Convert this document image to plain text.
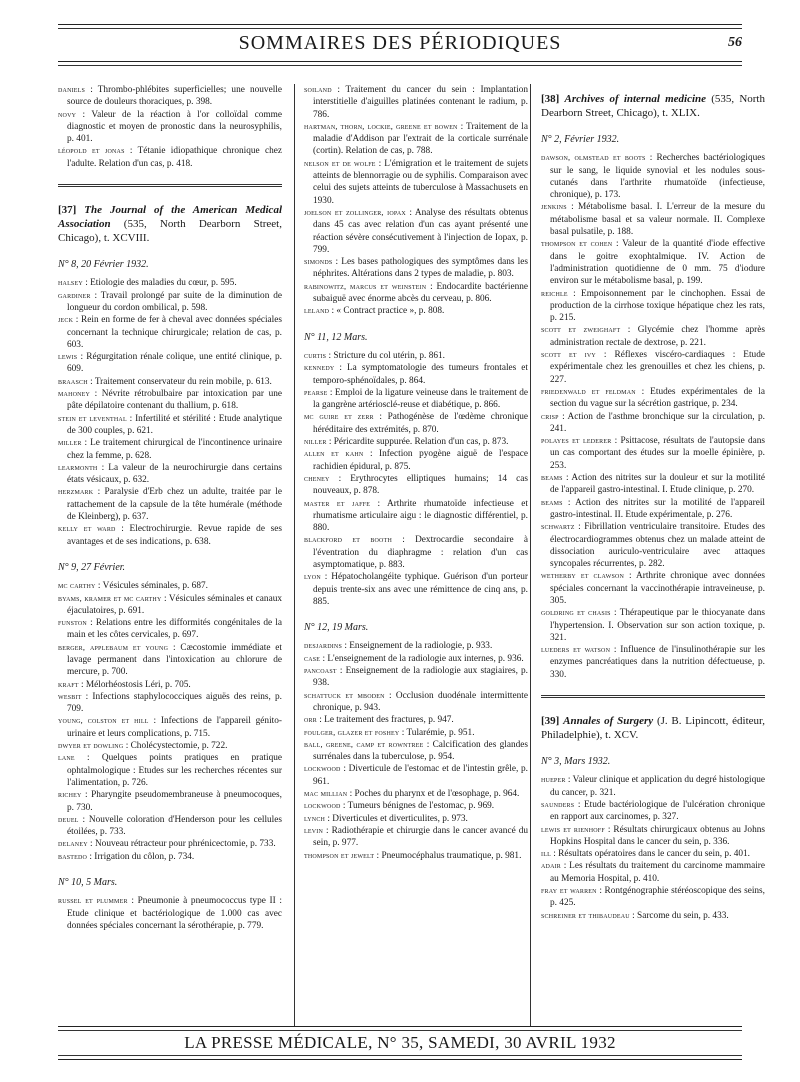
SOMMAIRES DES PÉRIODIQUES	56

daniels : Thrombo-phlébites superficielles; une nouvelle source de douleurs thoraciques, p. 398.

novy : Valeur de la réaction à l'or colloïdal comme diagnostic et moyen de pronostic dans la neurosyphilis, p. 401.

léopold et jonas : Tétanie idiopathique chronique chez l'adulte. Relation d'un cas, p. 418.

[37] The Journal of the American Medical Association (535, North Dearborn Street, Chicago), t. XCVIII.

N° 8, 20 Février 1932.

halsey : Etiologie des maladies du cœur, p. 595.

gardiner : Travail prolongé par suite de la diminution de longueur du cordon ombilical, p. 598.

jeck : Rein en forme de fer à cheval avec données spéciales concernant la technique chirurgicale; relation de cas, p. 603.

lewis : Régurgitation rénale colique, une entité clinique, p. 609.

braasch : Traitement conservateur du rein mobile, p. 613.

mahoney : Névrite rétrobulbaire par intoxication par une pâte dépilatoire contenant du thallium, p. 618.

stein et leventhal : Infertilité et stérilité : Etude analytique de 300 couples, p. 621.

miller : Le traitement chirurgical de l'incontinence urinaire chez la femme, p. 628.

learmonth : La valeur de la neurochirurgie dans certains états vésicaux, p. 632.

herzmark : Paralysie d'Erb chez un adulte, traitée par le rattachement de la capsule de la tête humérale (méthode de Kleinberg), p. 637.

kelly et ward : Electrochirurgie. Revue rapide de ses avantages et de ses indications, p. 638.

N° 9, 27 Février.

mc carthy : Vésicules séminales, p. 687.

byams, kramer et mc carthy : Vésicules séminales et canaux éjaculatoires, p. 691.

funston : Relations entre les difformités congénitales de la main et les côtes cervicales, p. 697.

berger, applebaum et young : Cæcostomie immédiate et lavage permanent dans l'intoxication au chlorure de mercure, p. 700.

kraft : Mélorhéostosis Léri, p. 705.

wesbit : Infections staphylococciques aiguës des reins, p. 709.

young, colston et hill : Infections de l'appareil génito-urinaire et leurs complications, p. 715.

dwyer et dowling : Cholécystectomie, p. 722.

lane : Quelques points pratiques en pratique ophtalmologique : Etudes sur les recherches récentes sur l'alimentation, p. 726.

richey : Pharyngite pseudomembraneuse à pneumocoques, p. 730.

deuel : Nouvelle coloration d'Henderson pour les cellules étoilées, p. 733.

delaney : Nouveau rétracteur pour phrénicectomie, p. 733.

bastedo : Irrigation du côlon, p. 734.

N° 10, 5 Mars.

russel et plummer : Pneumonie à pneumococcus type II : Etude clinique et bactériologique de 1.000 cas avec données spéciales concernant la sérothérapie, p. 779.

soiland : Traitement du cancer du sein : Implantation interstitielle d'aiguilles platinées contenant le radium, p. 786.

hartman, thorn, lockie, greene et bowen : Traitement de la maladie d'Addison par l'extrait de la corticale surrénale (cortin). Relation de cas, p. 788.

nelson et de wolfe : L'émigration et le traitement de sujets atteints de blennorragie ou de syphilis. Comparaison avec celui des sujets atteints de tuberculose à Massachusets en 1930.

joelson et zollinger, iopax : Analyse des résultats obtenus dans 45 cas avec relation d'un cas ayant présenté une réaction sévère consécutivement à l'injection de Iopax, p. 799.

simonds : Les bases pathologiques des symptômes dans les néphrites. Altérations dans 2 types de maladie, p. 803.

rabinowitz, marcus et weinstein : Endocardite bactérienne subaiguë avec énorme abcès du cerveau, p. 806.

leland : « Contract practice », p. 808.

N° 11, 12 Mars.

curtis : Stricture du col utérin, p. 861.

kennedy : La symptomatologie des tumeurs frontales et temporo-sphénoïdales, p. 864.

pearse : Emploi de la ligature veineuse dans le traitement de la gangrène artériosclé-reuse et diabétique, p. 866.

mc guire et zerr : Pathogénèse de l'œdème chronique héréditaire des extrémités, p. 870.

niller : Péricardite suppurée. Relation d'un cas, p. 873.

allen et kahn : Infection pyogène aiguë de l'espace rachidien épidural, p. 875.

cheney : Erythrocytes elliptiques humains; 14 cas nouveaux, p. 878.

master et jaffe : Arthrite rhumatoïde infectieuse et rhumatisme articulaire aigu : le diagnostic différentiel, p. 880.

blackford et booth : Dextrocardie secondaire à l'éventration du diaphragme : relation d'un cas asymptomatique, p. 883.

lyon : Hépatocholangéite typhique. Guérison d'un porteur depuis trente-six ans avec une rémittence de cinq ans, p. 885.

N° 12, 19 Mars.

desjardins : Enseignement de la radiologie, p. 933.

case : L'enseignement de la radiologie aux internes, p. 936.

pancoast : Enseignement de la radiologie aux stagiaires, p. 938.

schattuck et mboden : Occlusion duodénale intermittente chronique, p. 943.

orr : Le traitement des fractures, p. 947.

foulger, glazer et foshey : Tularémie, p. 951.

ball, greene, camp et rowntree : Calcification des glandes surrénales dans la tuberculose, p. 954.

lockwood : Diverticule de l'estomac et de l'intestin grêle, p. 961.

mac millian : Poches du pharynx et de l'œsophage, p. 964.

lockwood : Tumeurs bénignes de l'estomac, p. 969.

lynch : Diverticules et diverticulites, p. 973.

levin : Radiothérapie et chirurgie dans le cancer avancé du sein, p. 977.

thompson et jewelt : Pneumocéphalus traumatique, p. 981.

[38] Archives of internal medicine (535, North Dearborn Street, Chicago), t. XLIX.

N° 2, Février 1932.

dawson, olmstead et boots : Recherches bactériologiques sur le sang, le liquide synovial et les nodules sous-cutanés dans l'arthrite rhumatoïde (infectieuse, chronique), p. 173.

jenkins : Métabolisme basal. I. L'erreur de la mesure du métabolisme basal et sa valeur normale. II. Complexe basal pulsatile, p. 188.

thompson et cohen : Valeur de la quantité d'iode effective dans le goitre exophtalmique. IV. Action de l'administration quotidienne de 0 mm. 75 d'iodure environ sur le métabolisme basal, p. 199.

reichle : Empoisonnement par le cinchophen. Essai de production de la cirrhose toxique hépatique chez les rats, p. 215.

scott et zweighaft : Glycémie chez l'homme après administration rectale de dextrose, p. 221.

scott et ivy : Réflexes viscéro-cardiaques : Etude expérimentale chez les grenouilles et chez les chiens, p. 227.

friedenwald et feldman : Etudes expérimentales de la section du vague sur la sécrétion gastrique, p. 234.

crisp : Action de l'asthme bronchique sur la circulation, p. 241.

polayes et lederer : Psittacose, résultats de l'autopsie dans un cas comportant des études sur la moelle épinière, p. 253.

beams : Action des nitrites sur la douleur et sur la motilité de l'appareil gastro-intestinal. I. Etude clinique, p. 270.

beams : Action des nitrites sur la motilité de l'appareil gastro-intestinal. II. Etude expérimentale, p. 276.

schwartz : Fibrillation ventriculaire transitoire. Etudes des électrocardiogrammes obtenus chez un malade atteint de dissociation auriculo-ventriculaire avec attaques syncopales récurrentes, p. 282.

wetherby et clawson : Arthrite chronique avec données spéciales concernant la vaccinothérapie intraveineuse, p. 305.

goldring et chasis : Thérapeutique par le thiocyanate dans l'hypertension. I. Observation sur son action toxique, p. 321.

lueders et watson : Influence de l'insulinothérapie sur les enzymes pancréatiques dans la nutrition défectueuse, p. 330.

[39] Annales of Surgery (J. B. Lipincott, éditeur, Philadelphie), t. XCV.

N° 3, Mars 1932.

hueper : Valeur clinique et application du degré histologique du cancer, p. 321.

saunders : Etude bactériologique de l'ulcération chronique en rapport aux carcinomes, p. 327.

lewis et rienhoff : Résultats chirurgicaux obtenus au Johns Hopkins Hospital dans le cancer du sein, p. 336.

ill : Résultats opératoires dans le cancer du sein, p. 401.

adair : Les résultats du traitement du carcinome mammaire au Memoria Hospital, p. 410.

fray et warren : Rontgénographie stéréoscopique des seins, p. 425.

schreiner et thibaudeau : Sarcome du sein, p. 433.

LA PRESSE MÉDICALE, N° 35, SAMEDI, 30 AVRIL 1932
